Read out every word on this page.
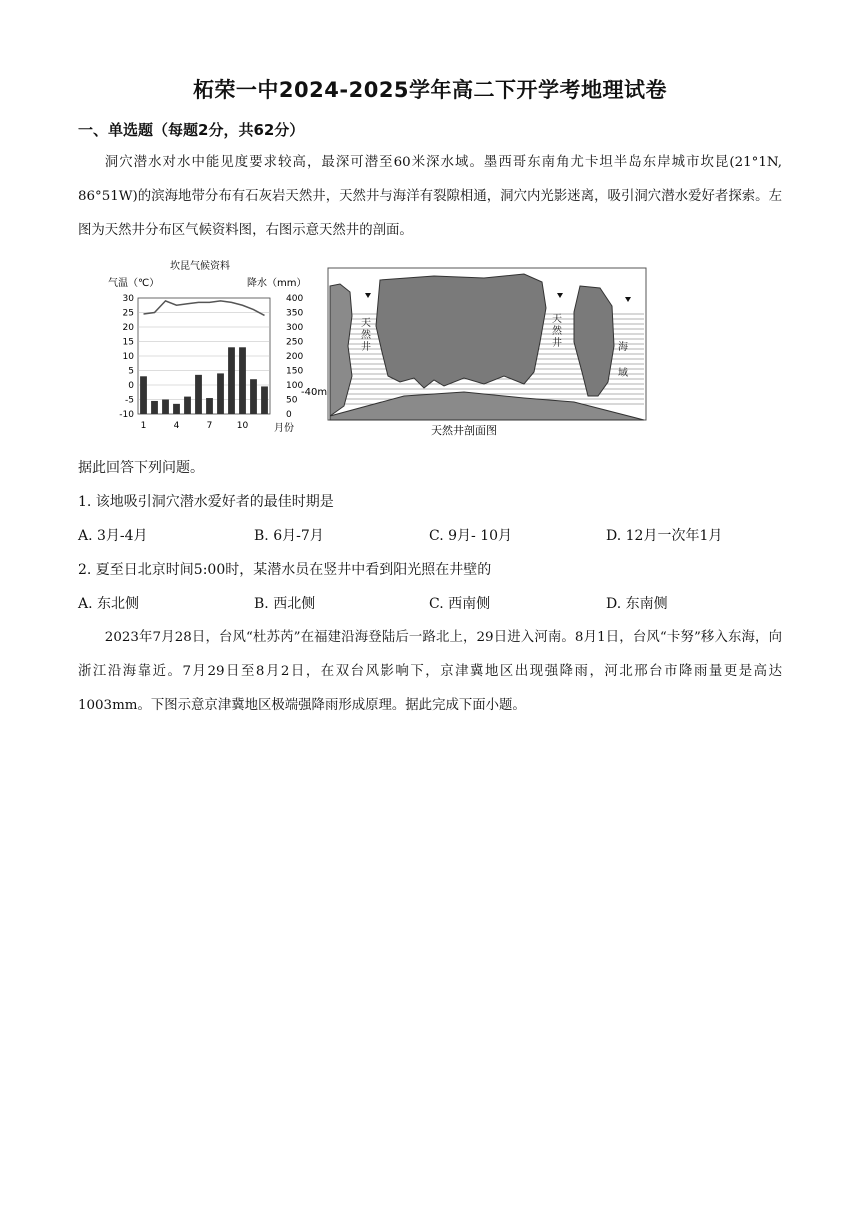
柘荣一中2024-2025学年高二下开学考地理试卷
一、单选题（每题2分，共62分）
洞穴潜水对水中能见度要求较高，最深可潜至60米深水域。墨西哥东南角尤卡坦半岛东岸城市坎昆(21°1N, 86°51W)的滨海地带分布有石灰岩天然井，天然井与海洋有裂隙相通，洞穴内光影迷离，吸引洞穴潜水爱好者探索。左图为天然井分布区气候资料图，右图示意天然井的剖面。
坎昆气候资料
气温（℃）	降水（mm）
30
25
20
15
10
5
0
-5
-10
400
350
300
250
200
150
100
50
0
1	4	7	10	月份
-40m
天
然
井
天
然
井	海
域
天然井剖面图
据此回答下列问题。
1. 该地吸引洞穴潜水爱好者的最佳时期是
A. 3月-4月	B. 6月-7月	C. 9月- 10月	D. 12月一次年1月
2. 夏至日北京时间5:00时，某潜水员在竖井中看到阳光照在井壁的
A. 东北侧	B. 西北侧	C. 西南侧	D. 东南侧
2023年7月28日，台风“杜苏芮”在福建沿海登陆后一路北上，29日进入河南。8月1日，台风“卡努”移入东海，向浙江沿海靠近。7月29日至8月2日，在双台风影响下，京津冀地区出现强降雨，河北邢台市降雨量更是高达1003mm。下图示意京津冀地区极端强降雨形成原理。据此完成下面小题。
